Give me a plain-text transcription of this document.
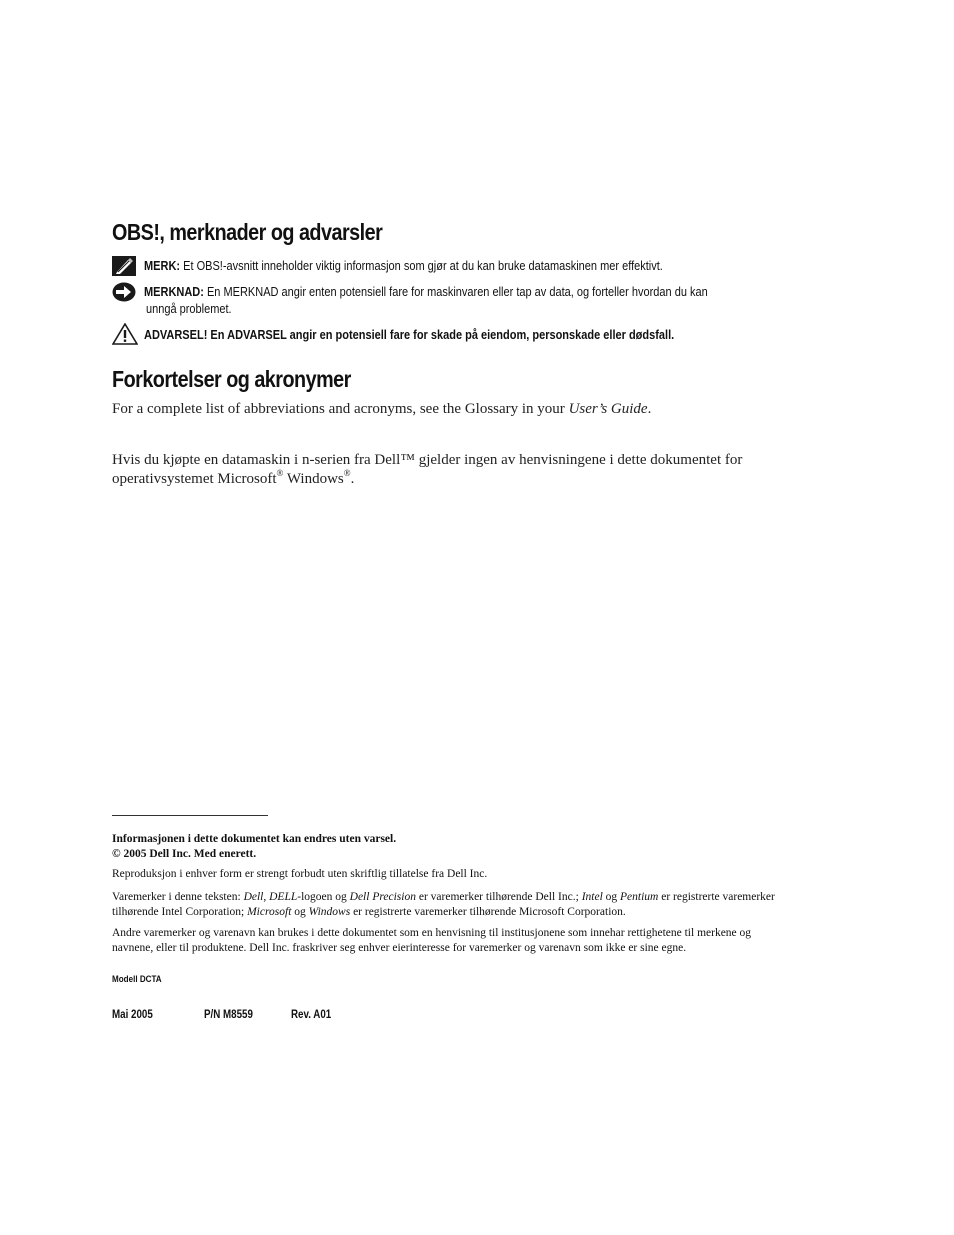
OBS!, merknader og advarsler
MERK: Et OBS!-avsnitt inneholder viktig informasjon som gjør at du kan bruke datamaskinen mer effektivt.
MERKNAD: En MERKNAD angir enten potensiell fare for maskinvaren eller tap av data, og forteller hvordan du kan
unngå problemet.
ADVARSEL! En ADVARSEL angir en potensiell fare for skade på eiendom, personskade eller dødsfall.
Forkortelser og akronymer
For a complete list of abbreviations and acronyms, see the Glossary in your User’s Guide.
Hvis du kjøpte en datamaskin i n-serien fra Dell™ gjelder ingen av henvisningene i dette dokumentet for
operativsystemet Microsoft® Windows®.
Informasjonen i dette dokumentet kan endres uten varsel.
© 2005 Dell Inc. Med enerett.
Reproduksjon i enhver form er strengt forbudt uten skriftlig tillatelse fra Dell Inc.
Varemerker i denne teksten: Dell, DELL-logoen og Dell Precision er varemerker tilhørende Dell Inc.; Intel og Pentium er registrerte varemerker
tilhørende Intel Corporation; Microsoft og Windows er registrerte varemerker tilhørende Microsoft Corporation.
Andre varemerker og varenavn kan brukes i dette dokumentet som en henvisning til institusjonene som innehar rettighetene til merkene og
navnene, eller til produktene. Dell Inc. fraskriver seg enhver eierinteresse for varemerker og varenavn som ikke er sine egne.
Modell DCTA
Mai 2005	P/N M8559	Rev. A01
